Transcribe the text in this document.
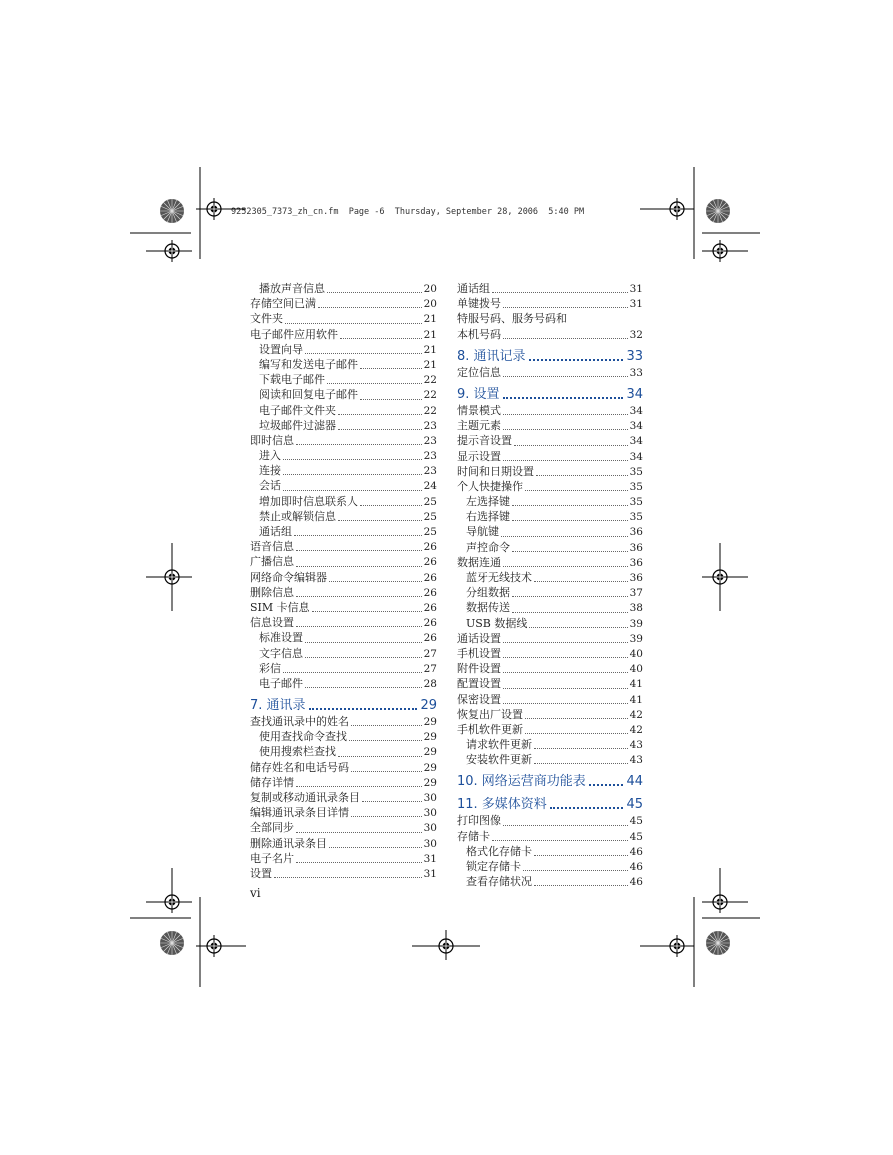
9252305_7373_zh_cn.fm  Page -6  Thursday, September 28, 2006  5:40 PM
播放声音信息	20
存储空间已满	20
文件夹	21
电子邮件应用软件	21
设置向导	21
编写和发送电子邮件	21
下载电子邮件	22
阅读和回复电子邮件	22
电子邮件文件夹	22
垃圾邮件过滤器	23
即时信息	23
进入	23
连接	23
会话	24
增加即时信息联系人	25
禁止或解锁信息	25
通话组	25
语音信息	26
广播信息	26
网络命令编辑器	26
删除信息	26
SIM 卡信息	26
信息设置	26
标准设置	26
文字信息	27
彩信	27
电子邮件	28
7. 通讯录	29
查找通讯录中的姓名	29
使用查找命令查找	29
使用搜索栏查找	29
储存姓名和电话号码	29
储存详情	29
复制或移动通讯录条目	30
编辑通讯录条目详情	30
全部同步	30
删除通讯录条目	30
电子名片	31
设置	31
通话组	31
单键拨号	31
特服号码、服务号码和
本机号码	32
8. 通讯记录	33
定位信息	33
9. 设置	34
情景模式	34
主题元素	34
提示音设置	34
显示设置	34
时间和日期设置	35
个人快捷操作	35
左选择键	35
右选择键	35
导航键	36
声控命令	36
数据连通	36
蓝牙无线技术	36
分组数据	37
数据传送	38
USB 数据线	39
通话设置	39
手机设置	40
附件设置	40
配置设置	41
保密设置	41
恢复出厂设置	42
手机软件更新	42
请求软件更新	43
安装软件更新	43
10. 网络运营商功能表	44
11. 多媒体资料	45
打印图像	45
存储卡	45
格式化存储卡	46
锁定存储卡	46
查看存储状况	46
vi
